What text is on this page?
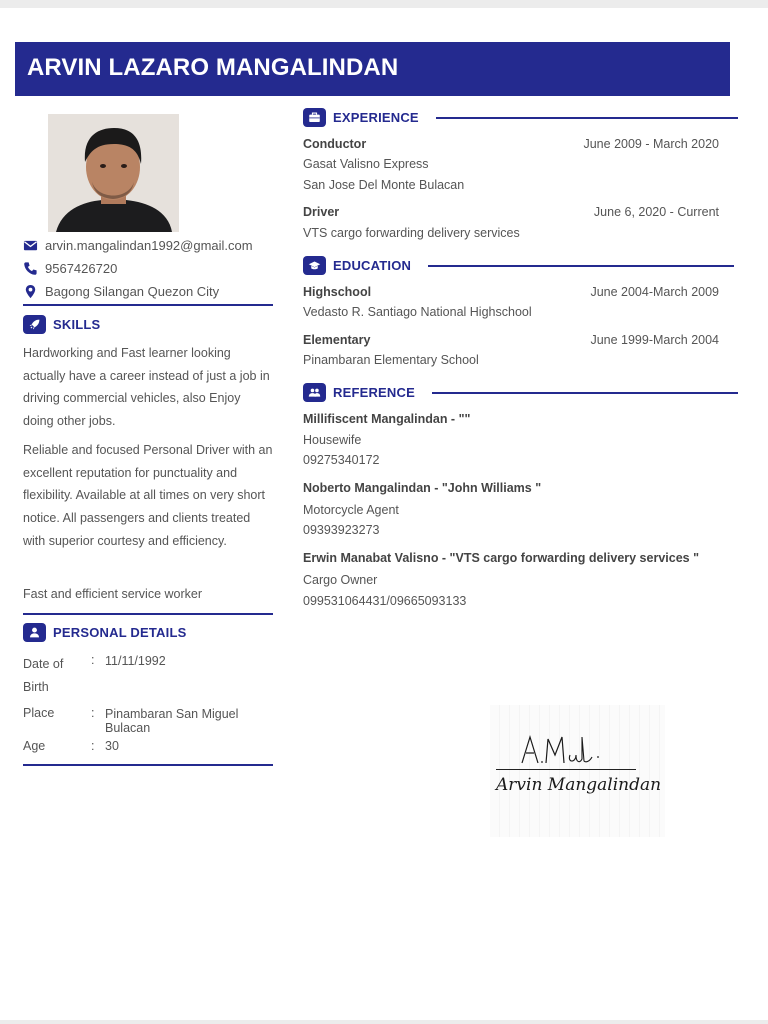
ARVIN LAZARO MANGALINDAN
arvin.mangalindan1992@gmail.com
9567426720
Bagong Silangan Quezon City
SKILLS
Hardworking and Fast learner looking actually have a career instead of just a job in driving commercial vehicles, also Enjoy doing other jobs.
Reliable and focused Personal Driver with an excellent reputation for punctuality and flexibility. Available at all times on very short notice. All passengers and clients treated with superior courtesy and efficiency.
Fast and efficient service worker
PERSONAL DETAILS
Date of Birth
: 11/11/1992
Place	: Pinambaran San Miguel Bulacan
Age	: 30
EXPERIENCE
Conductor	June 2009 - March 2020
Gasat Valisno Express
San Jose Del Monte Bulacan
Driver	June 6, 2020 - Current
VTS cargo forwarding delivery services
EDUCATION
Highschool	June 2004-March 2009
Vedasto R. Santiago National Highschool
Elementary	June 1999-March 2004
Pinambaran Elementary School
REFERENCE
Millifiscent Mangalindan - ""
Housewife
09275340172
Noberto Mangalindan - "John Williams "
Motorcycle Agent
09393923273
Erwin Manabat Valisno - "VTS cargo forwarding delivery services "
Cargo Owner
099531064431/09665093133
Arvin Mangalindan
